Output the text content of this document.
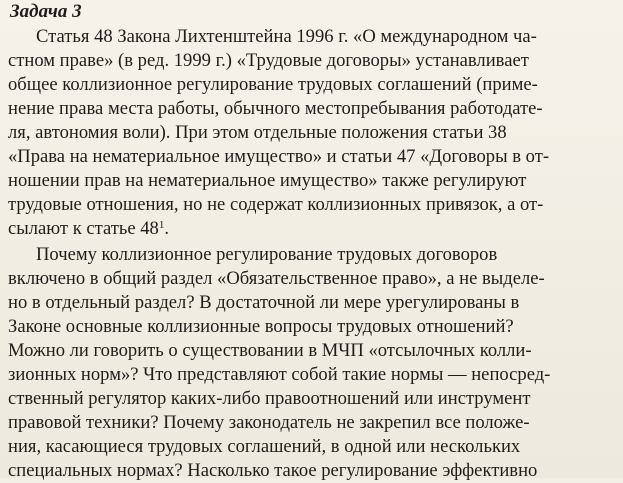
Задача 3
Статья 48 Закона Лихтенштейна 1996 г. «О международном ча-
стном праве» (в ред. 1999 г.) «Трудовые договоры» устанавливает
общее коллизионное регулирование трудовых соглашений (приме-
нение права места работы, обычного местопребывания работодате-
ля, автономия воли). При этом отдельные положения статьи 38
«Права на нематериальное имущество» и статьи 47 «Договоры в от-
ношении прав на нематериальное имущество» также регулируют
трудовые отношения, но не содержат коллизионных привязок, а от-
сылают к статье 48$^1$.
Почему коллизионное регулирование трудовых договоров
включено в общий раздел «Обязательственное право», а не выделе-
но в отдельный раздел? В достаточной ли мере урегулированы в
Законе основные коллизионные вопросы трудовых отношений?
Можно ли говорить о существовании в МЧП «отсылочных колли-
зионных норм»? Что представляют собой такие нормы — непосред-
ственный регулятор каких-либо правоотношений или инструмент
правовой техники? Почему законодатель не закрепил все положе-
ния, касающиеся трудовых соглашений, в одной или нескольких
специальных нормах? Насколько такое регулирование эффективно
